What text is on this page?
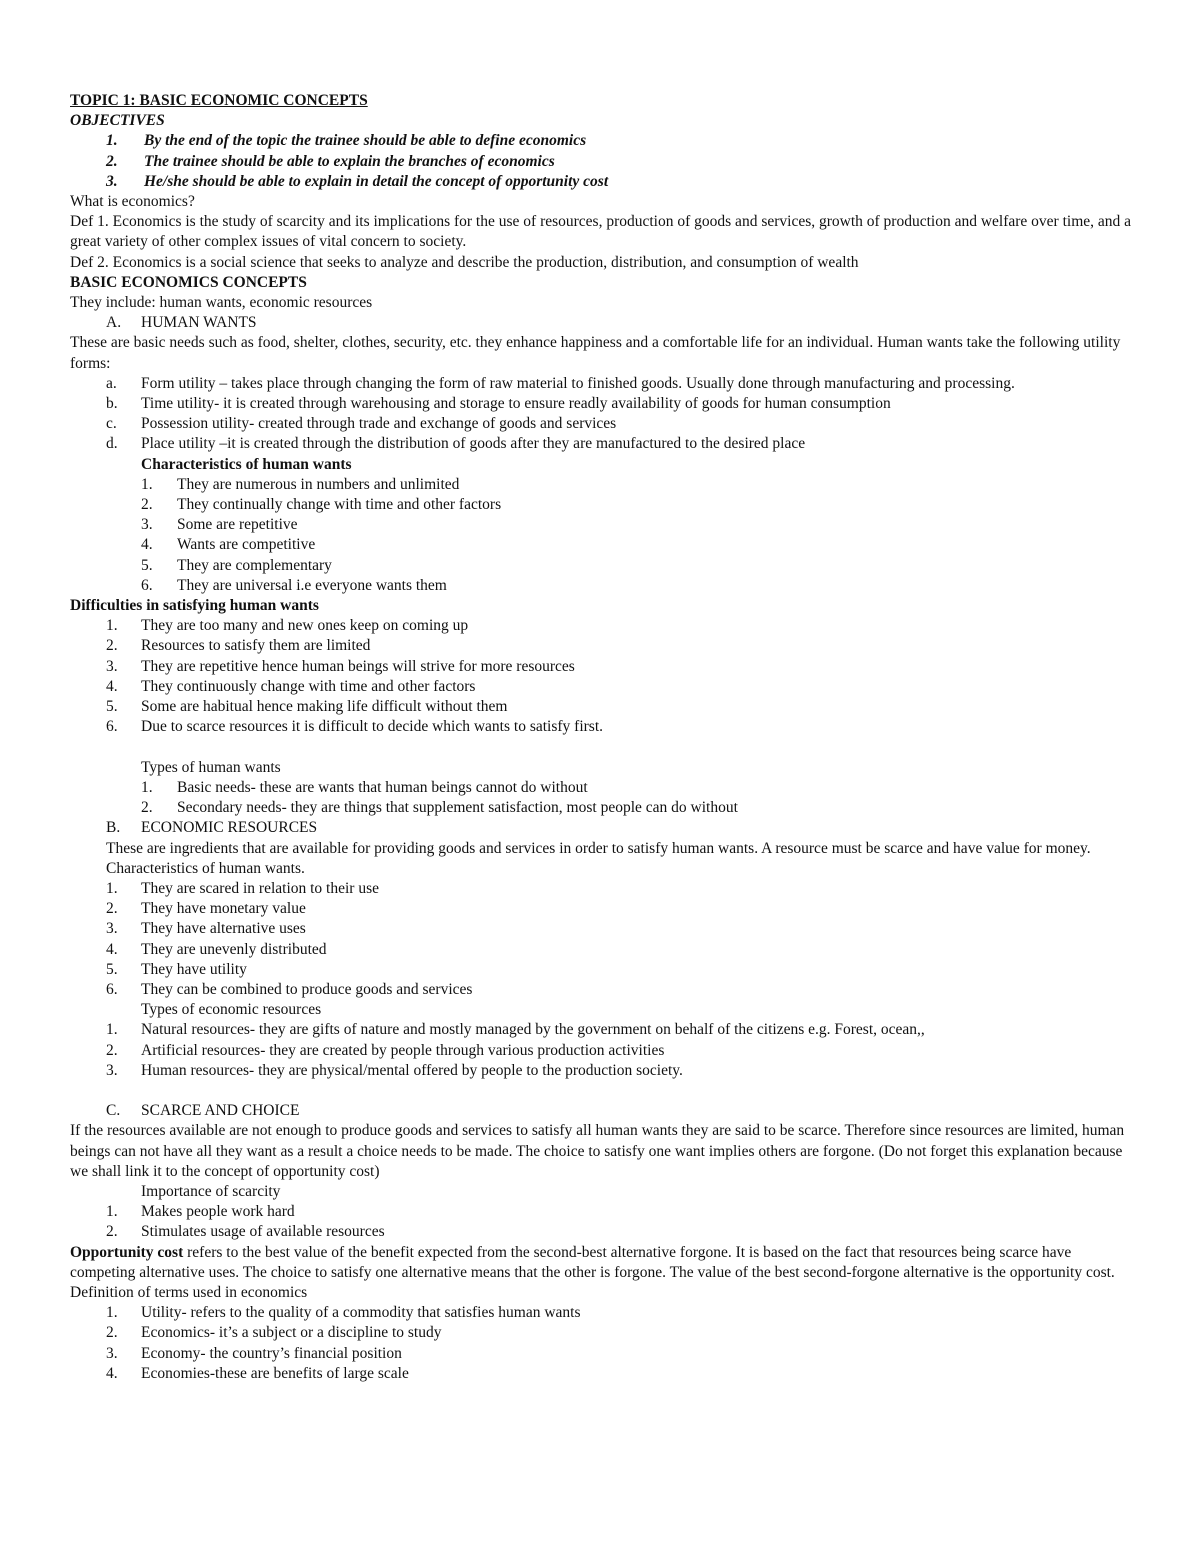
TOPIC 1: BASIC ECONOMIC CONCEPTS
OBJECTIVES
1.	By the end of the topic the trainee should be able to define economics
2.	The trainee should be able to explain the branches of economics
3.	He/she should be able to explain in detail the concept of opportunity cost
What is economics?
Def 1. Economics is the study of scarcity and its implications for the use of resources, production of goods and services, growth of production and welfare over time, and a great variety of other complex issues of vital concern to society.
Def 2. Economics is a social science that seeks to analyze and describe the production, distribution, and consumption of wealth
BASIC ECONOMICS CONCEPTS
They include: human wants, economic resources
A.	HUMAN WANTS
These are basic needs such as food, shelter, clothes, security, etc. they enhance happiness and a comfortable life for an individual. Human wants take the following utility forms:
a.	Form utility – takes place through changing the form of raw material to finished goods. Usually done through manufacturing and processing.
b.	Time utility- it is created through warehousing and storage to ensure readly availability of goods for human consumption
c.	Possession utility- created through trade and exchange of goods and services
d.	Place utility –it is created through the distribution of goods after they are manufactured to the desired place
Characteristics of human wants
1.	They are numerous in numbers and unlimited
2.	They continually change with time and other factors
3.	Some are repetitive
4.	Wants are competitive
5.	They are complementary
6.	They are universal i.e everyone wants them
Difficulties in satisfying human wants
1.	They are too many and new ones keep on coming up
2.	Resources to satisfy them are limited
3.	They are repetitive hence human beings will strive for more resources
4.	They continuously change with time and other factors
5.	Some are habitual hence making life difficult without them
6.	Due to scarce resources it is difficult to decide which wants to satisfy first.
Types of human wants
1.	Basic needs- these are wants that human beings cannot do without
2.	Secondary needs- they are things that supplement satisfaction, most people can do without
B.	ECONOMIC RESOURCES
These are ingredients that are available for providing goods and services in order to satisfy human wants. A resource must be scarce and have value for money.
Characteristics of human wants.
1.	They are scared in relation to their use
2.	They have monetary value
3.	They have alternative uses
4.	They are unevenly distributed
5.	They have utility
6.	They can be combined to produce goods and services
Types of economic resources
1.	Natural resources- they are gifts of nature and mostly managed by the government on behalf of the citizens e.g. Forest, ocean,,
2.	Artificial resources- they are created by people through various production activities
3.	Human resources- they are physical/mental offered by people to the production society.
C.	SCARCE AND CHOICE
If the resources available are not enough to produce goods and services to satisfy all human wants they are said to be scarce. Therefore since resources are limited, human beings can not have all they want as a result a choice needs to be made. The choice to satisfy one want implies others are forgone. (Do not forget this explanation because we shall link it to the concept of opportunity cost)
Importance of scarcity
1.	Makes people work hard
2.	Stimulates usage of available resources
Opportunity cost refers to the best value of the benefit expected from the second-best alternative forgone. It is based on the fact that resources being scarce have competing alternative uses. The choice to satisfy one alternative means that the other is forgone. The value of the best second-forgone alternative is the opportunity cost.
Definition of terms used in economics
1.	Utility- refers to the quality of a commodity that satisfies human wants
2.	Economics- it’s a subject or a discipline to study
3.	Economy- the country’s financial position
4.	Economies-these are benefits of large scale
